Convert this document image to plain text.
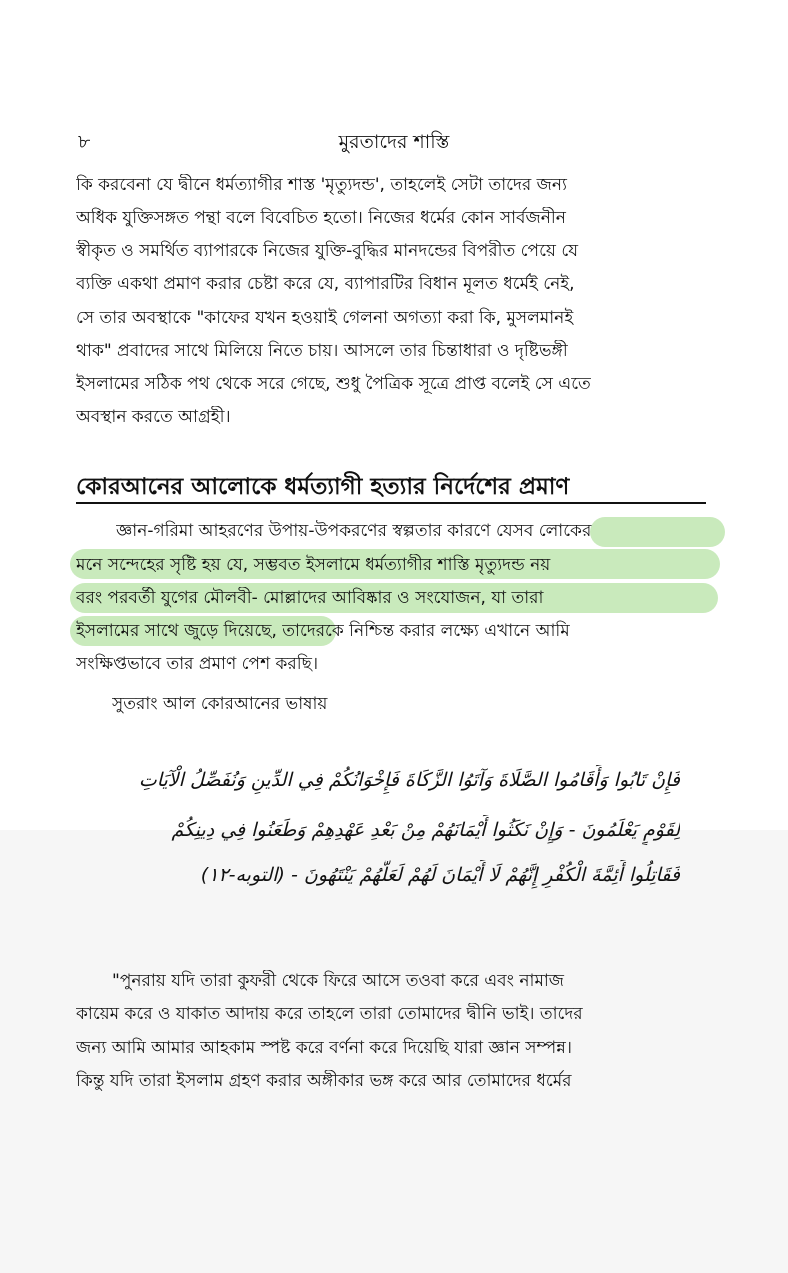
৮	মুরতাদের শাস্তি
কি করবেনা যে দ্বীনে ধর্মত্যাগীর শাস্ত 'মৃত্যুদন্ড', তাহলেই সেটা তাদের জন্য
অধিক যুক্তিসঙ্গত পন্থা বলে বিবেচিত হতো। নিজের ধর্মের কোন সার্বজনীন
স্বীকৃত ও সমর্থিত ব্যাপারকে নিজের যুক্তি-বুদ্ধির মানদন্ডের বিপরীত পেয়ে যে
ব্যক্তি একথা প্রমাণ করার চেষ্টা করে যে, ব্যাপারটির বিধান মূলত ধর্মেই নেই,
সে তার অবস্থাকে "কাফের যখন হওয়াই গেলনা অগত্যা করা কি, মুসলমানই
থাক" প্রবাদের সাথে মিলিয়ে নিতে চায়। আসলে তার চিন্তাধারা ও দৃষ্টিভঙ্গী
ইসলামের সঠিক পথ থেকে সরে গেছে, শুধু পৈত্রিক সূত্রে প্রাপ্ত বলেই সে এতে
অবস্থান করতে আগ্রহী।
কোরআনের আলোকে ধর্মত্যাগী হত্যার নির্দেশের প্রমাণ
জ্ঞান-গরিমা আহরণের উপায়-উপকরণের স্বল্পতার কারণে যেসব লোকের
মনে সন্দেহের সৃষ্টি হয় যে, সম্ভবত ইসলামে ধর্মত্যাগীর শাস্তি মৃত্যুদন্ড নয়
বরং পরবর্তী যুগের মৌলবী- মোল্লাদের আবিষ্কার ও সংযোজন, যা তারা
ইসলামের সাথে জুড়ে দিয়েছে, তাদেরকে নিশ্চিন্ত করার লক্ষ্যে এখানে আমি
সংক্ষিপ্তভাবে তার প্রমাণ পেশ করছি।
সুতরাং আল কোরআনের ভাষায়
فَإِنْ تَابُوا وَأَقَامُوا الصَّلَاةَ وَآتَوُا الزَّكَاةَ فَإِخْوَانُكُمْ فِي الدِّينِ وَنُفَصِّلُ الْآيَاتِ
لِقَوْمٍ يَعْلَمُونَ - وَإِنْ نَكَثُوا أَيْمَانَهُمْ مِنْ بَعْدِ عَهْدِهِمْ وَطَعَنُوا فِي دِينِكُمْ
فَقَاتِلُوا أَئِمَّةَ الْكُفْرِ إِنَّهُمْ لَا أَيْمَانَ لَهُمْ لَعَلَّهُمْ يَنْتَهُونَ - (التوبه-١٢)
"পুনরায় যদি তারা কুফরী থেকে ফিরে আসে তওবা করে এবং নামাজ
কায়েম করে ও যাকাত আদায় করে তাহলে তারা তোমাদের দ্বীনি ভাই। তাদের
জন্য আমি আমার আহকাম স্পষ্ট করে বর্ণনা করে দিয়েছি যারা জ্ঞান সম্পন্ন।
কিন্তু যদি তারা ইসলাম গ্রহণ করার অঙ্গীকার ভঙ্গ করে আর তোমাদের ধর্মের
